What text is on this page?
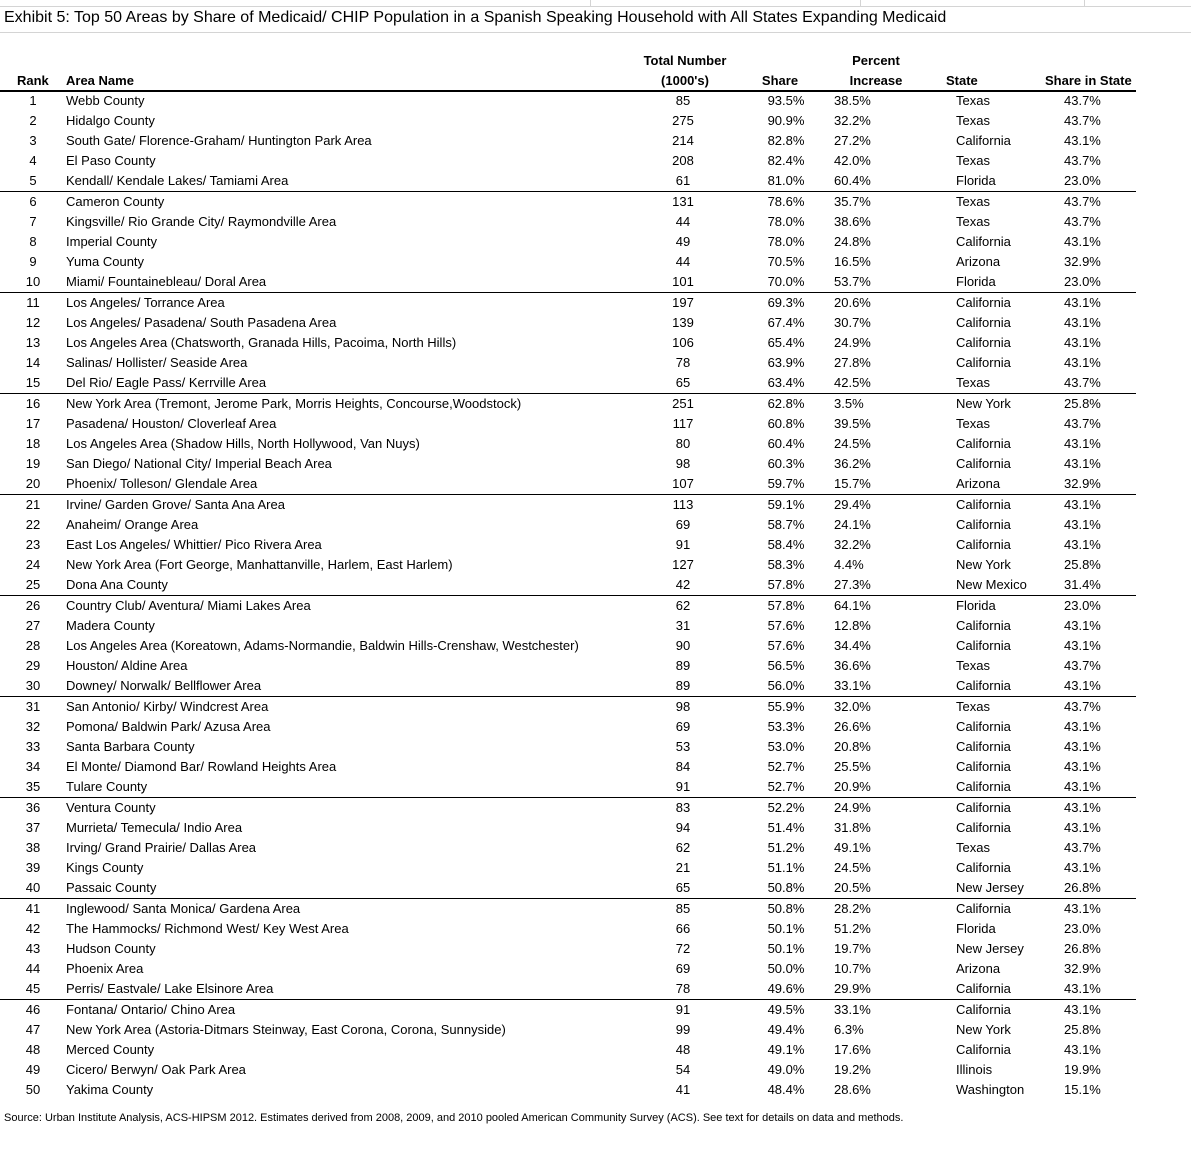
Exhibit 5: Top 50 Areas by Share of Medicaid/ CHIP Population in a Spanish Speaking Household with All States Expanding Medicaid
Rank Area Name
Total Number
(1000's)	Share
Percent
Increase	State	Share in State
1	Webb County	85	93.5%	38.5%	Texas	43.7%
2	Hidalgo County	275	90.9%	32.2%	Texas	43.7%
3	South Gate/ Florence-Graham/ Huntington Park Area	214	82.8%	27.2%	California	43.1%
4	El Paso County	208	82.4%	42.0%	Texas	43.7%
5	Kendall/ Kendale Lakes/ Tamiami Area	61	81.0%	60.4%	Florida	23.0%
6	Cameron County	131	78.6%	35.7%	Texas	43.7%
7	Kingsville/ Rio Grande City/ Raymondville Area	44	78.0%	38.6%	Texas	43.7%
8	Imperial County	49	78.0%	24.8%	California	43.1%
9	Yuma County	44	70.5%	16.5%	Arizona	32.9%
10	Miami/ Fountainebleau/ Doral Area	101	70.0%	53.7%	Florida	23.0%
11	Los Angeles/ Torrance Area	197	69.3%	20.6%	California	43.1%
12	Los Angeles/ Pasadena/ South Pasadena Area	139	67.4%	30.7%	California	43.1%
13	Los Angeles Area (Chatsworth, Granada Hills, Pacoima, North Hills)	106	65.4%	24.9%	California	43.1%
14	Salinas/ Hollister/ Seaside Area	78	63.9%	27.8%	California	43.1%
15	Del Rio/ Eagle Pass/ Kerrville Area	65	63.4%	42.5%	Texas	43.7%
16	New York Area (Tremont, Jerome Park, Morris Heights, Concourse,Woodstock)	251	62.8%	3.5%	New York	25.8%
17	Pasadena/ Houston/ Cloverleaf Area	117	60.8%	39.5%	Texas	43.7%
18	Los Angeles Area (Shadow Hills, North Hollywood, Van Nuys)	80	60.4%	24.5%	California	43.1%
19	San Diego/ National City/ Imperial Beach Area	98	60.3%	36.2%	California	43.1%
20	Phoenix/ Tolleson/ Glendale Area	107	59.7%	15.7%	Arizona	32.9%
21	Irvine/ Garden Grove/ Santa Ana Area	113	59.1%	29.4%	California	43.1%
22	Anaheim/ Orange Area	69	58.7%	24.1%	California	43.1%
23	East Los Angeles/ Whittier/ Pico Rivera Area	91	58.4%	32.2%	California	43.1%
24	New York Area (Fort George, Manhattanville, Harlem, East Harlem)	127	58.3%	4.4%	New York	25.8%
25	Dona Ana County	42	57.8%	27.3%	New Mexico	31.4%
26	Country Club/ Aventura/ Miami Lakes Area	62	57.8%	64.1%	Florida	23.0%
27	Madera County	31	57.6%	12.8%	California	43.1%
28	Los Angeles Area (Koreatown, Adams-Normandie, Baldwin Hills-Crenshaw, Westchester)	90	57.6%	34.4%	California	43.1%
29	Houston/ Aldine Area	89	56.5%	36.6%	Texas	43.7%
30	Downey/ Norwalk/ Bellflower Area	89	56.0%	33.1%	California	43.1%
31	San Antonio/ Kirby/ Windcrest Area	98	55.9%	32.0%	Texas	43.7%
32	Pomona/ Baldwin Park/ Azusa Area	69	53.3%	26.6%	California	43.1%
33	Santa Barbara County	53	53.0%	20.8%	California	43.1%
34	El Monte/ Diamond Bar/ Rowland Heights Area	84	52.7%	25.5%	California	43.1%
35	Tulare County	91	52.7%	20.9%	California	43.1%
36	Ventura County	83	52.2%	24.9%	California	43.1%
37	Murrieta/ Temecula/ Indio Area	94	51.4%	31.8%	California	43.1%
38	Irving/ Grand Prairie/ Dallas Area	62	51.2%	49.1%	Texas	43.7%
39	Kings County	21	51.1%	24.5%	California	43.1%
40	Passaic County	65	50.8%	20.5%	New Jersey	26.8%
41	Inglewood/ Santa Monica/ Gardena Area	85	50.8%	28.2%	California	43.1%
42	The Hammocks/ Richmond West/ Key West Area	66	50.1%	51.2%	Florida	23.0%
43	Hudson County	72	50.1%	19.7%	New Jersey	26.8%
44	Phoenix Area	69	50.0%	10.7%	Arizona	32.9%
45	Perris/ Eastvale/ Lake Elsinore Area	78	49.6%	29.9%	California	43.1%
46	Fontana/ Ontario/ Chino Area	91	49.5%	33.1%	California	43.1%
47	New York Area (Astoria-Ditmars Steinway, East Corona, Corona, Sunnyside)	99	49.4%	6.3%	New York	25.8%
48	Merced County	48	49.1%	17.6%	California	43.1%
49	Cicero/ Berwyn/ Oak Park Area	54	49.0%	19.2%	Illinois	19.9%
50	Yakima County	41	48.4%	28.6%	Washington	15.1%
Source: Urban Institute Analysis, ACS-HIPSM 2012. Estimates derived from 2008, 2009, and 2010 pooled American Community Survey (ACS). See text for details on data and methods.
